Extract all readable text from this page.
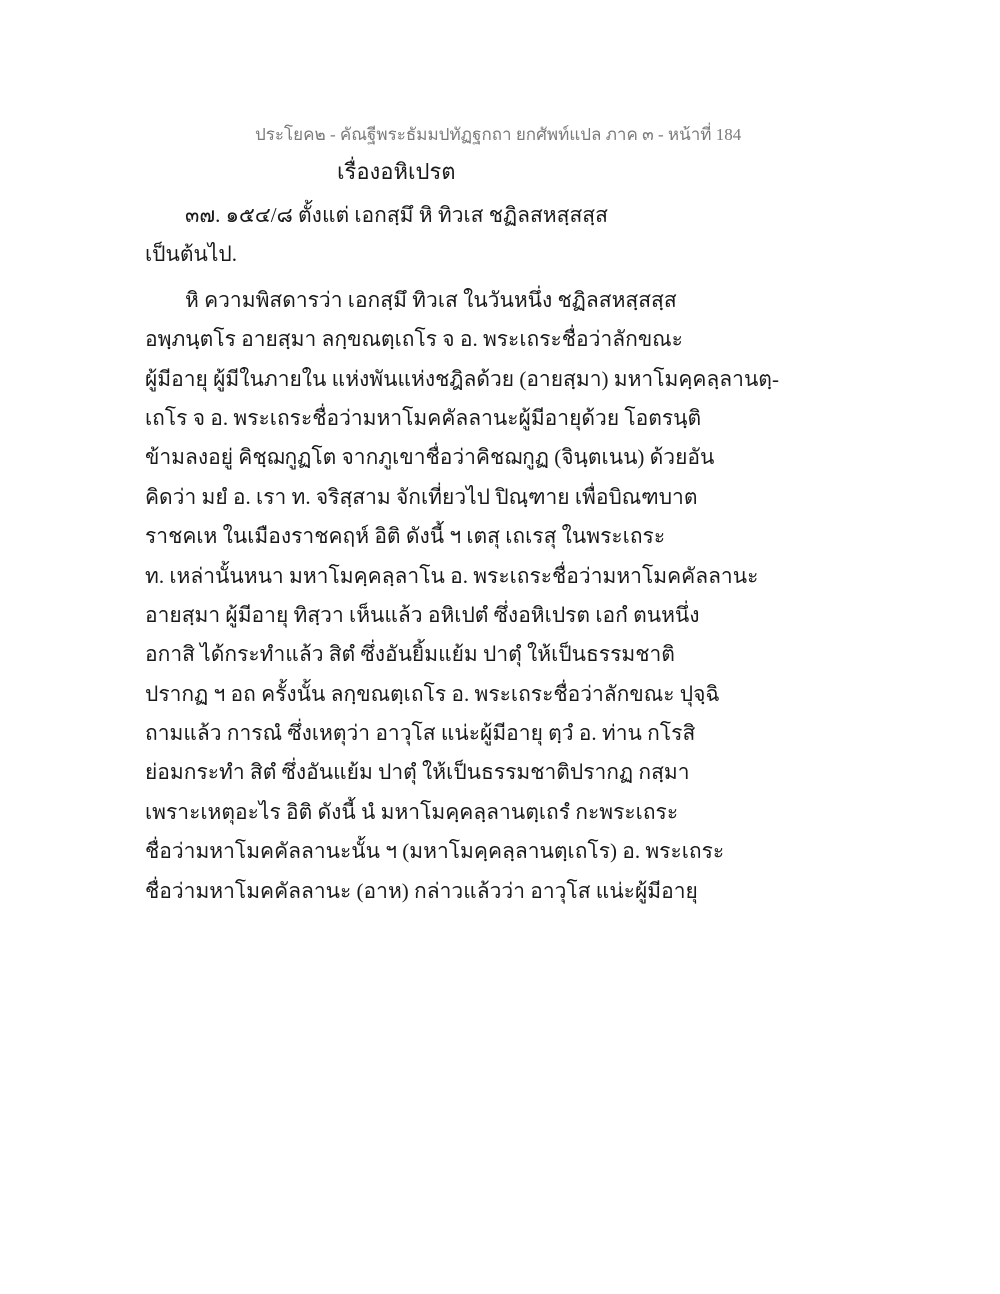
ประโยค๒ - คัณฐีพระธัมมปทัฏฐกถา ยกศัพท์แปล ภาค ๓ - หน้าที่ 184
เรื่องอหิเปรต
๓๗. ๑๕๔/๘ ตั้งแต่ เอกสฺมึ หิ ทิวเส ชฏิลสหสฺสสฺส
เป็นต้นไป.
หิ ความพิสดารว่า เอกสฺมึ ทิวเส ในวันหนึ่ง ชฏิลสหสฺสสฺส
อพฺภนฺตโร อายสฺมา ลกฺขณตฺเถโร จ อ. พระเถระชื่อว่าลักขณะ
ผู้มีอายุ ผู้มีในภายใน แห่งพันแห่งชฎิลด้วย (อายสฺมา) มหาโมคฺคลฺลานตฺ-
เถโร จ อ. พระเถระชื่อว่ามหาโมคคัลลานะผู้มีอายุด้วย โอตรนฺติ
ข้ามลงอยู่ คิชฺฌกูฏโต จากภูเขาชื่อว่าคิชฌกูฏ (จินฺตเนน) ด้วยอัน
คิดว่า มยํ อ. เรา ท. จริสฺสาม จักเที่ยวไป ปิณฺฑาย เพื่อบิณฑบาต
ราชคเห ในเมืองราชคฤห์ อิติ ดังนี้ ฯ เตสุ เถเรสุ ในพระเถระ
ท. เหล่านั้นหนา มหาโมคฺคลฺลาโน อ. พระเถระชื่อว่ามหาโมคคัลลานะ
อายสฺมา ผู้มีอายุ ทิสฺวา เห็นแล้ว อหิเปตํ ซึ่งอหิเปรต เอกํ ตนหนึ่ง
อกาสิ ได้กระทำแล้ว สิตํ ซึ่งอันยิ้มแย้ม ปาตุํ ให้เป็นธรรมชาติ
ปรากฏ ฯ อถ ครั้งนั้น ลกฺขณตฺเถโร อ. พระเถระชื่อว่าลักขณะ ปุจฺฉิ
ถามแล้ว การณํ ซึ่งเหตุว่า อาวุโส แน่ะผู้มีอายุ ตฺวํ อ. ท่าน กโรสิ
ย่อมกระทำ สิตํ ซึ่งอันแย้ม ปาตุํ ให้เป็นธรรมชาติปรากฏ กสฺมา
เพราะเหตุอะไร อิติ ดังนี้ นํ มหาโมคฺคลฺลานตฺเถรํ กะพระเถระ
ชื่อว่ามหาโมคคัลลานะนั้น ฯ (มหาโมคฺคลฺลานตฺเถโร) อ. พระเถระ
ชื่อว่ามหาโมคคัลลานะ (อาห) กล่าวแล้วว่า อาวุโส แน่ะผู้มีอายุ
